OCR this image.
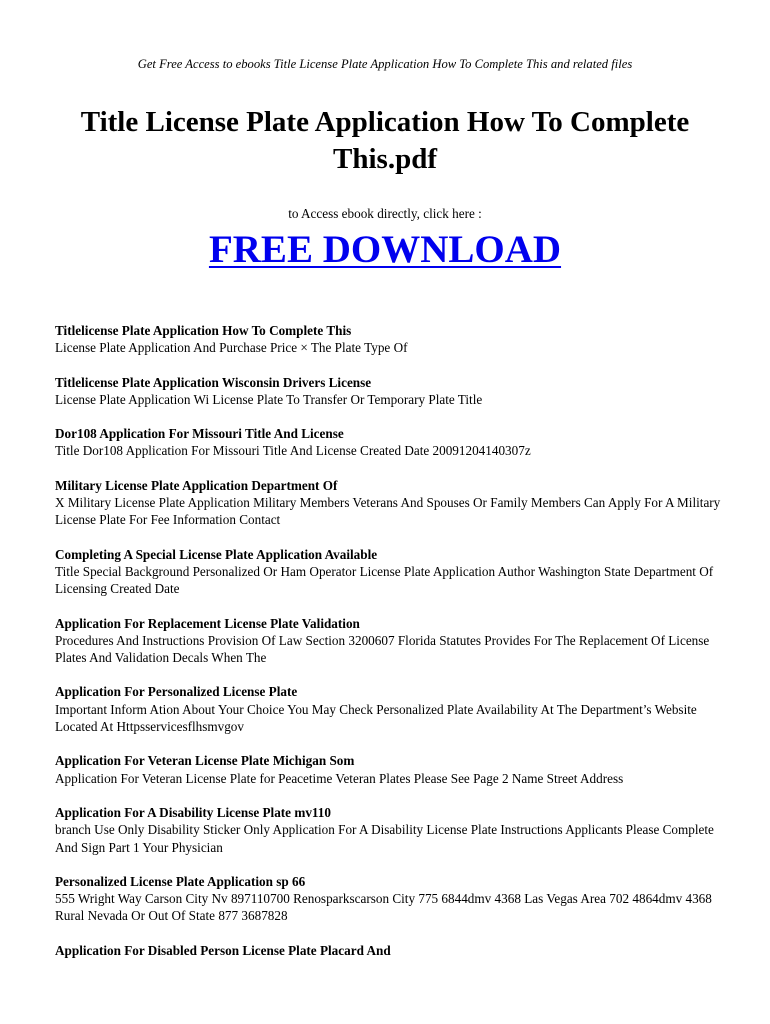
Get Free Access to ebooks Title License Plate Application How To Complete This and related files
Title License Plate Application How To Complete This.pdf
to Access ebook directly, click here :
FREE DOWNLOAD
Titlelicense Plate Application How To Complete This
License Plate Application And Purchase Price × The Plate Type Of
Titlelicense Plate Application Wisconsin Drivers License
License Plate Application Wi License Plate To Transfer Or Temporary Plate Title
Dor108 Application For Missouri Title And License
Title Dor108 Application For Missouri Title And License Created Date 20091204140307z
Military License Plate Application Department Of
X Military License Plate Application Military Members Veterans And Spouses Or Family Members Can Apply For A Military License Plate For Fee Information Contact
Completing A Special License Plate Application Available
Title Special Background Personalized Or Ham Operator License Plate Application Author Washington State Department Of Licensing Created Date
Application For Replacement License Plate Validation
Procedures And Instructions Provision Of Law Section 3200607 Florida Statutes Provides For The Replacement Of License Plates And Validation Decals When The
Application For Personalized License Plate
Important Inform Ation About Your Choice You May Check Personalized Plate Availability At The Department’s Website Located At Httpsservicesflhsmvgov
Application For Veteran License Plate Michigan Som
Application For Veteran License Plate for Peacetime Veteran Plates Please See Page 2 Name Street Address
Application For A Disability License Plate mv110
branch Use Only Disability Sticker Only Application For A Disability License Plate Instructions Applicants Please Complete And Sign Part 1 Your Physician
Personalized License Plate Application sp 66
555 Wright Way Carson City Nv 897110700 Renosparkscarson City 775 6844dmv 4368 Las Vegas Area 702 4864dmv 4368 Rural Nevada Or Out Of State 877 3687828
Application For Disabled Person License Plate Placard And
